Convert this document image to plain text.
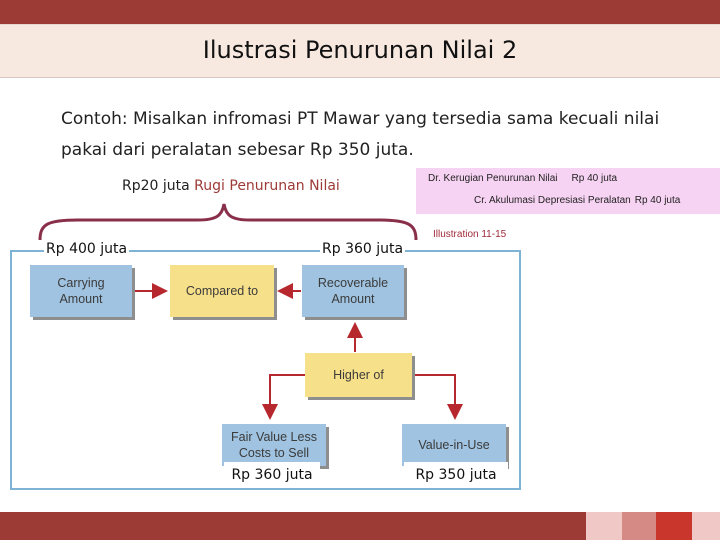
Ilustrasi Penurunan Nilai 2
Contoh: Misalkan infromasi PT Mawar yang tersedia sama kecuali nilai
pakai dari peralatan sebesar Rp 350 juta.
Rp20 juta Rugi Penurunan Nilai	Dr. Kerugian Penurunan Nilai Rp 40 juta
Cr. Akulumasi Depresiasi Peralatan Rp 40 juta
Illustration 11-15
Carrying
Amount
Compared to
Recoverable
Amount
Higher of
Fair Value Less
Costs to Sell
Value-in-Use
Rp 400 juta	Rp 360 juta
Rp 360 juta	Rp 350 juta
